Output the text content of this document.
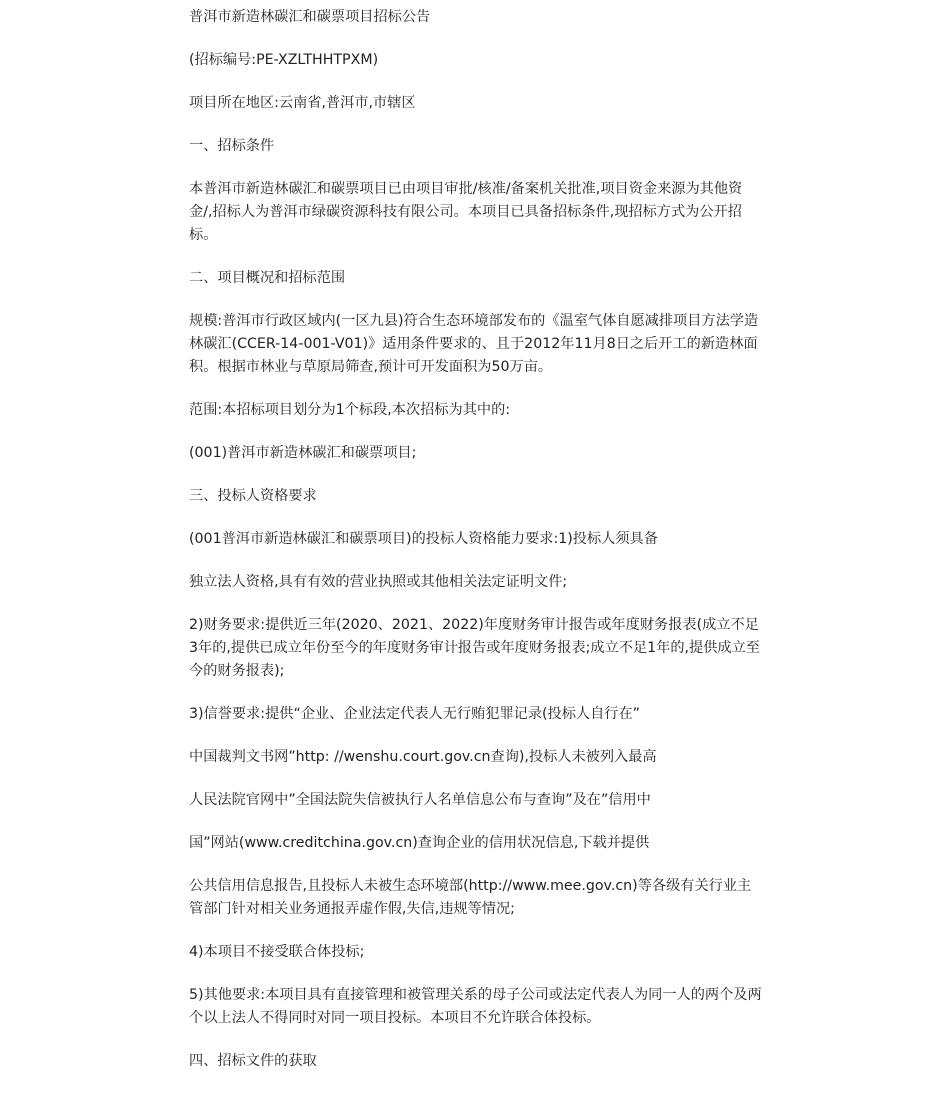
普洱市新造林碳汇和碳票项目招标公告

(招标编号:PE-XZLTHHTPXM)

项目所在地区:云南省,普洱市,市辖区

一、招标条件

本普洱市新造林碳汇和碳票项目已由项目审批/核准/备案机关批准,项目资金来源为其他资金/,招标人为普洱市绿碳资源科技有限公司。本项目已具备招标条件,现招标方式为公开招标。

二、项目概况和招标范围

规模:普洱市行政区域内(一区九县)符合生态环境部发布的《温室气体自愿减排项目方法学造林碳汇(CCER-14-001-V01)》适用条件要求的、且于2012年11月8日之后开工的新造林面积。根据市林业与草原局筛查,预计可开发面积为50万亩。

范围:本招标项目划分为1个标段,本次招标为其中的:

(001)普洱市新造林碳汇和碳票项目;

三、投标人资格要求

(001普洱市新造林碳汇和碳票项目)的投标人资格能力要求:1)投标人须具备

独立法人资格,具有有效的营业执照或其他相关法定证明文件;

2)财务要求:提供近三年(2020、2021、2022)年度财务审计报告或年度财务报表(成立不足3年的,提供已成立年份至今的年度财务审计报告或年度财务报表;成立不足1年的,提供成立至今的财务报表);

3)信誉要求:提供“企业、企业法定代表人无行贿犯罪记录(投标人自行在”

中国裁判文书网”http: //wenshu.court.gov.cn查询),投标人未被列入最高

人民法院官网中”全国法院失信被执行人名单信息公布与查询”及在”信用中

国”网站(www.creditchina.gov.cn)查询企业的信用状况信息,下载并提供

公共信用信息报告,且投标人未被生态环境部(http://www.mee.gov.cn)等各级有关行业主管部门针对相关业务通报弄虚作假,失信,违规等情况;

4)本项目不接受联合体投标;

5)其他要求:本项目具有直接管理和被管理关系的母子公司或法定代表人为同一人的两个及两个以上法人不得同时对同一项目投标。本项目不允许联合体投标。

四、招标文件的获取
